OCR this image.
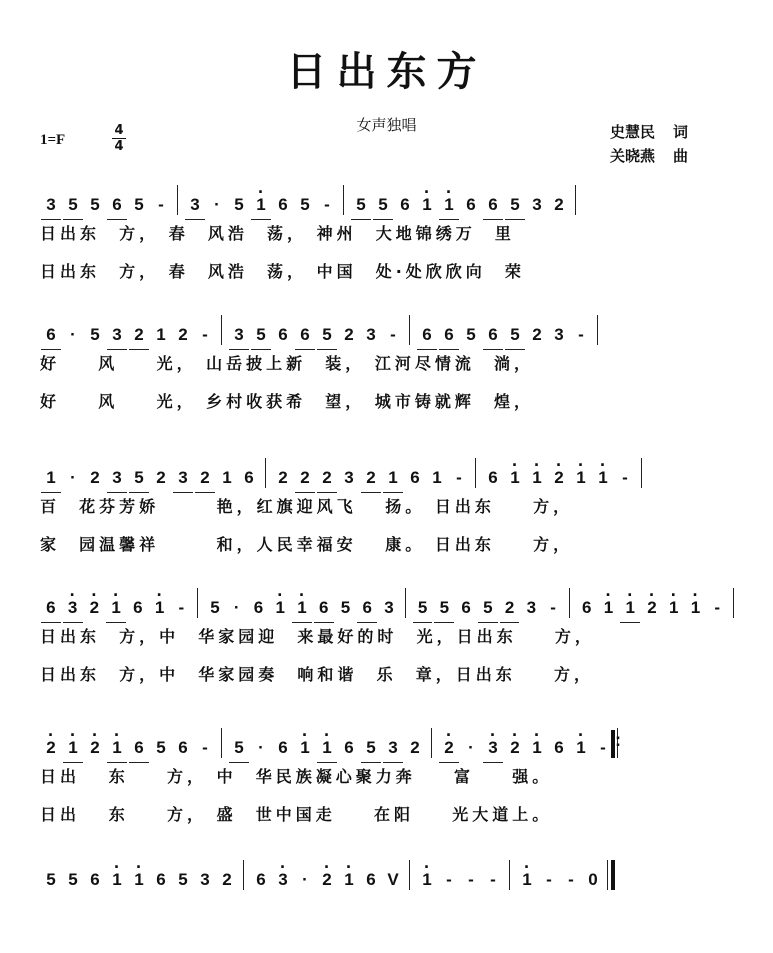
日出东方
女声独唱
1=F
4
4
史慧民 词
关晓燕 曲
3 5 5 6 5 -	3 · 5 · 1 6 5 -	5 5 6 · 1 · 1 6 6 5 3 2
日出东  方， 春  风浩  荡， 神州  大地锦绣万  里
日出东  方， 春  风浩  荡， 中国  处·处欣欣向  荣
6 · 5 3 2 1 2 -	3 5 6 6 5 2 3 -	6 6 5 6 5 2 3 -
好    风    光， 山岳披上新  装， 江河尽情流  淌，
好    风    光， 乡村收获希  望， 城市铸就辉  煌，
1 · 2 3 5 2 3 2 1 6	2 2 2 3 2 1 6 1 -	6 · 1 · 1 · 2 · 1 · 1 -
百  花芬芳娇      艳，红旗迎风飞   扬。 日出东    方，
家  园温馨祥      和，人民幸福安   康。 日出东    方，
6 · 3 · 2 · 1 6 · 1 -	5 · 6 · 1 · 1 6 5 6 3	5 5 6 5 2 3 -	6 · 1 · 1 · 2 · 1 · 1 -
日出东  方，中  华家园迎  来最好的时  光，日出东    方，
日出东  方，中  华家园奏  响和谐  乐  章，日出东    方，
· 2 · 1 · 2 · 1 6 5 6 -	5 · 6 · 1 · 1 6 5 3 2	· 2 · · 3 · 2 · 1 6 · 1 -
:
日出   东    方， 中  华民族凝心聚力奔    富    强。
日出   东    方， 盛  世中国走    在阳    光大道上。
5 5 6 · 1 · 1 6 5 3 2	6 · 3 · · 2 · 1 6 V	· 1 - - -	· 1 - - 0
